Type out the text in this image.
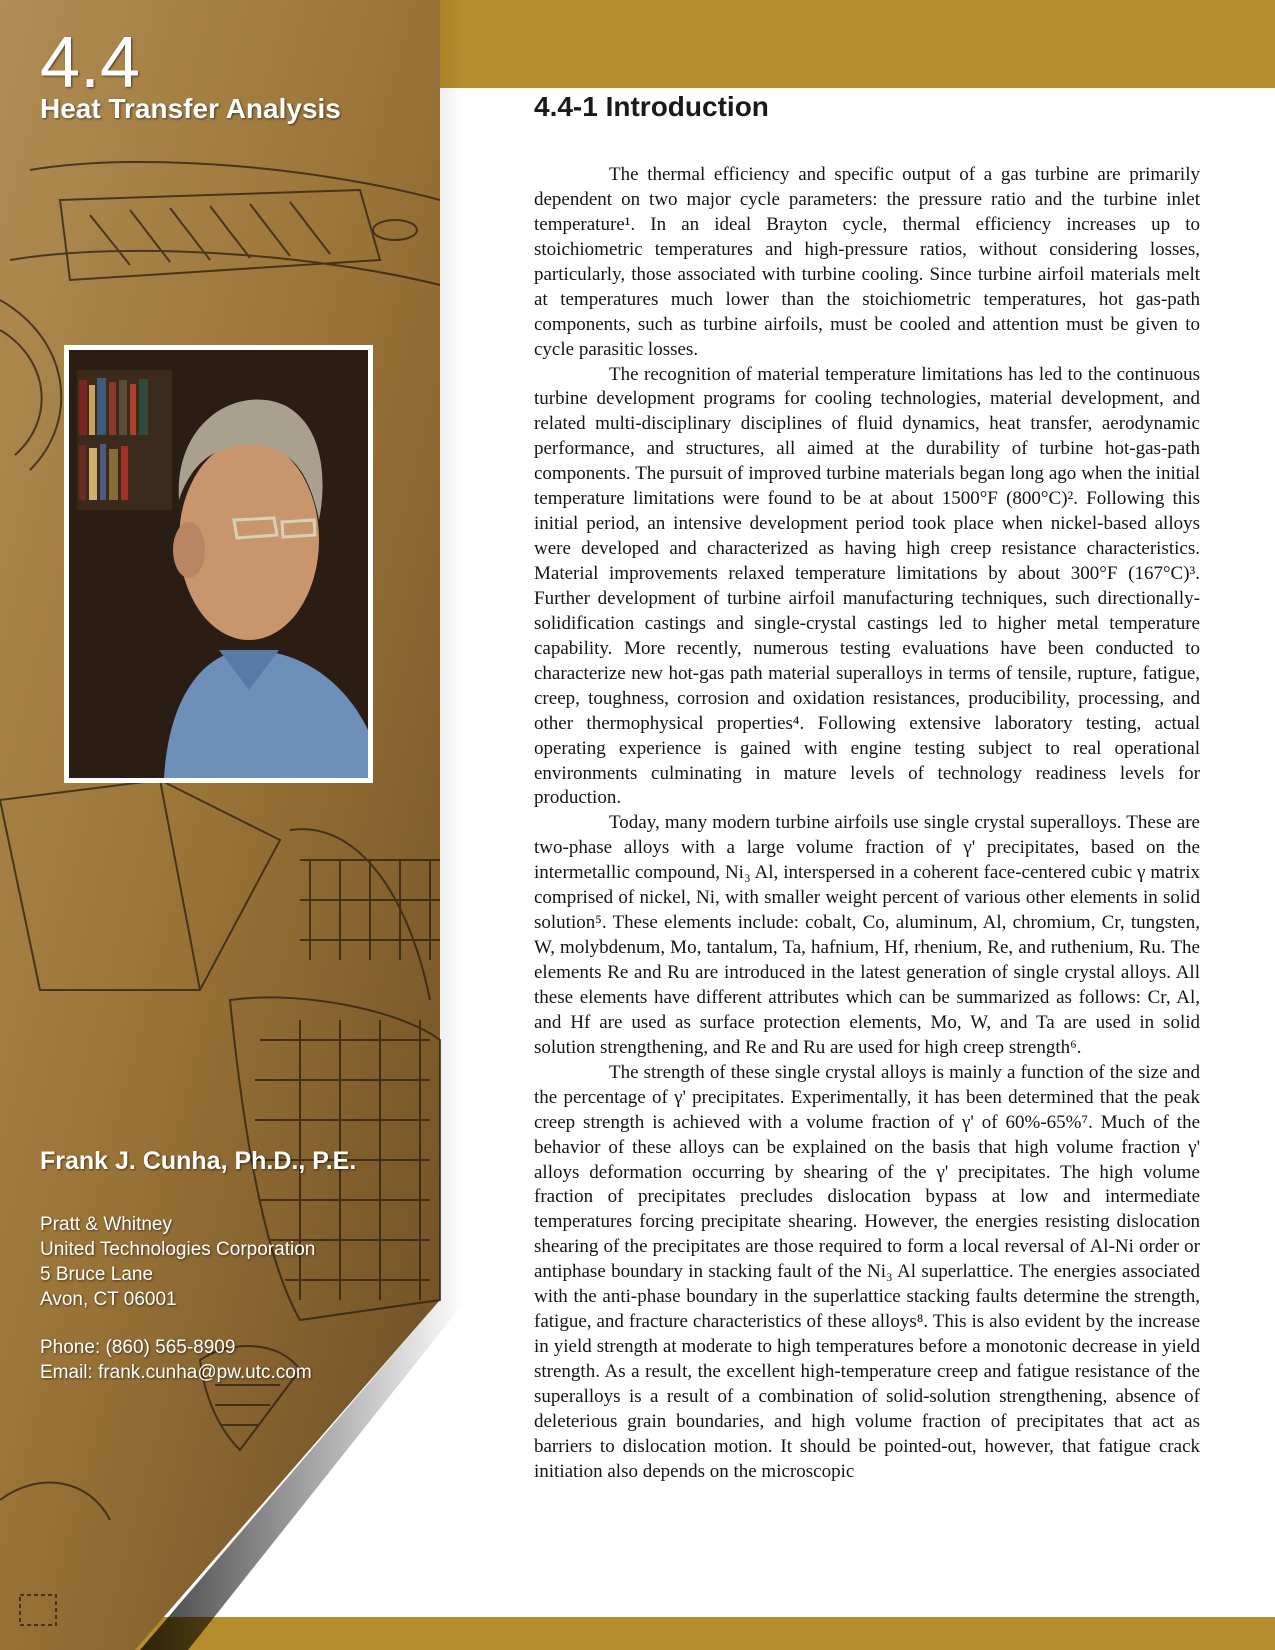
4.4

Heat Transfer Analysis

Frank J. Cunha, Ph.D., P.E.

Pratt & Whitney
United Technologies Corporation
5 Bruce Lane
Avon, CT 06001
Phone: (860) 565-8909
Email: frank.cunha@pw.utc.com
4.4-1 Introduction

The thermal efficiency and specific output of a gas turbine are primarily dependent on two major cycle parameters: the pressure ratio and the turbine inlet temperature¹. In an ideal Brayton cycle, thermal efficiency increases up to stoichiometric temperatures and high-pressure ratios, without considering losses, particularly, those associated with turbine cooling. Since turbine airfoil materials melt at temperatures much lower than the stoichiometric temperatures, hot gas-path components, such as turbine airfoils, must be cooled and attention must be given to cycle parasitic losses.

The recognition of material temperature limitations has led to the continuous turbine development programs for cooling technologies, material development, and related multi-disciplinary disciplines of fluid dynamics, heat transfer, aerodynamic performance, and structures, all aimed at the durability of turbine hot-gas-path components. The pursuit of improved turbine materials began long ago when the initial temperature limitations were found to be at about 1500°F (800°C)². Following this initial period, an intensive development period took place when nickel-based alloys were developed and characterized as having high creep resistance characteristics. Material improvements relaxed temperature limitations by about 300°F (167°C)³. Further development of turbine airfoil manufacturing techniques, such directionally-solidification castings and single-crystal castings led to higher metal temperature capability. More recently, numerous testing evaluations have been conducted to characterize new hot-gas path material superalloys in terms of tensile, rupture, fatigue, creep, toughness, corrosion and oxidation resistances, producibility, processing, and other thermophysical properties⁴. Following extensive laboratory testing, actual operating experience is gained with engine testing subject to real operational environments culminating in mature levels of technology readiness levels for production.

Today, many modern turbine airfoils use single crystal superalloys. These are two-phase alloys with a large volume fraction of γ' precipitates, based on the intermetallic compound, Ni₃ Al, interspersed in a coherent face-centered cubic γ matrix comprised of nickel, Ni, with smaller weight percent of various other elements in solid solution⁵. These elements include: cobalt, Co, aluminum, Al, chromium, Cr, tungsten, W, molybdenum, Mo, tantalum, Ta, hafnium, Hf, rhenium, Re, and ruthenium, Ru. The elements Re and Ru are introduced in the latest generation of single crystal alloys. All these elements have different attributes which can be summarized as follows: Cr, Al, and Hf are used as surface protection elements, Mo, W, and Ta are used in solid solution strengthening, and Re and Ru are used for high creep strength⁶.

The strength of these single crystal alloys is mainly a function of the size and the percentage of γ' precipitates. Experimentally, it has been determined that the peak creep strength is achieved with a volume fraction of γ' of 60%-65%⁷. Much of the behavior of these alloys can be explained on the basis that high volume fraction γ' alloys deformation occurring by shearing of the γ' precipitates. The high volume fraction of precipitates precludes dislocation bypass at low and intermediate temperatures forcing precipitate shearing. However, the energies resisting dislocation shearing of the precipitates are those required to form a local reversal of Al-Ni order or antiphase boundary in stacking fault of the Ni₃ Al superlattice. The energies associated with the anti-phase boundary in the superlattice stacking faults determine the strength, fatigue, and fracture characteristics of these alloys⁸. This is also evident by the increase in yield strength at moderate to high temperatures before a monotonic decrease in yield strength. As a result, the excellent high-temperature creep and fatigue resistance of the superalloys is a result of a combination of solid-solution strengthening, absence of deleterious grain boundaries, and high volume fraction of precipitates that act as barriers to dislocation motion. It should be pointed-out, however, that fatigue crack initiation also depends on the microscopic
